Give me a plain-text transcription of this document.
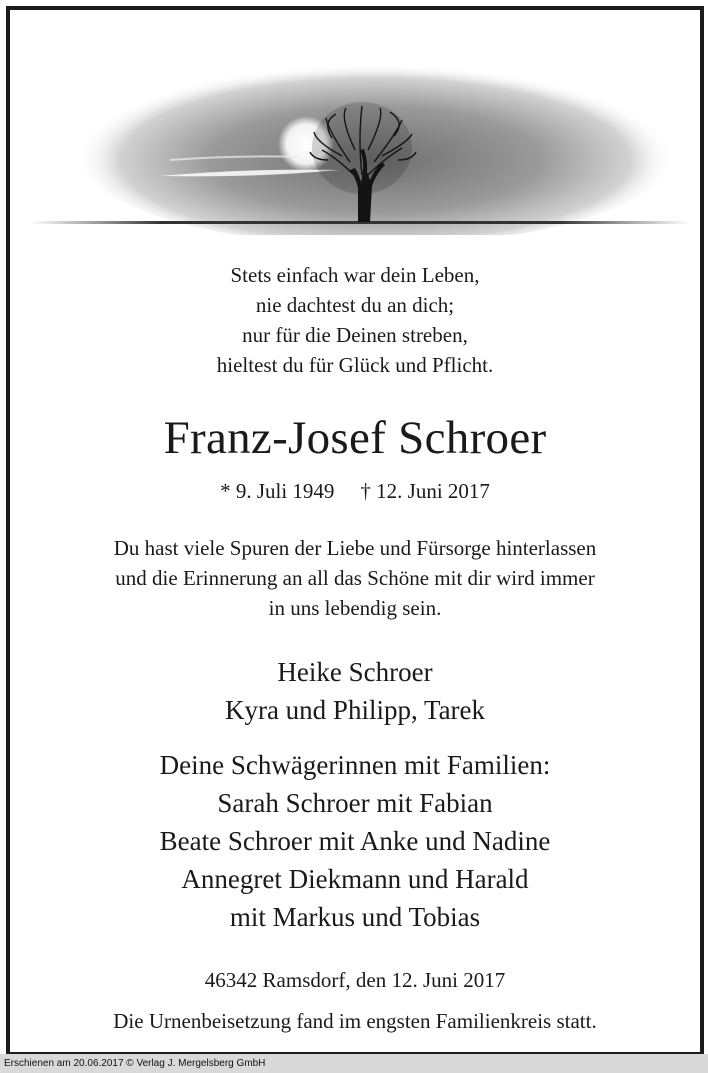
Stets einfach war dein Leben,
nie dachtest du an dich;
nur für die Deinen streben,
hieltest du für Glück und Pflicht.

Franz-Josef Schroer

* 9. Juli 1949 † 12. Juni 2017

Du hast viele Spuren der Liebe und Fürsorge hinterlassen
und die Erinnerung an all das Schöne mit dir wird immer
in uns lebendig sein.

Heike Schroer
Kyra und Philipp, Tarek

Deine Schwägerinnen mit Familien:
Sarah Schroer mit Fabian
Beate Schroer mit Anke und Nadine
Annegret Diekmann und Harald
mit Markus und Tobias

46342 Ramsdorf, den 12. Juni 2017

Die Urnenbeisetzung fand im engsten Familienkreis statt.

Erschienen am 20.06.2017 © Verlag J. Mergelsberg GmbH
